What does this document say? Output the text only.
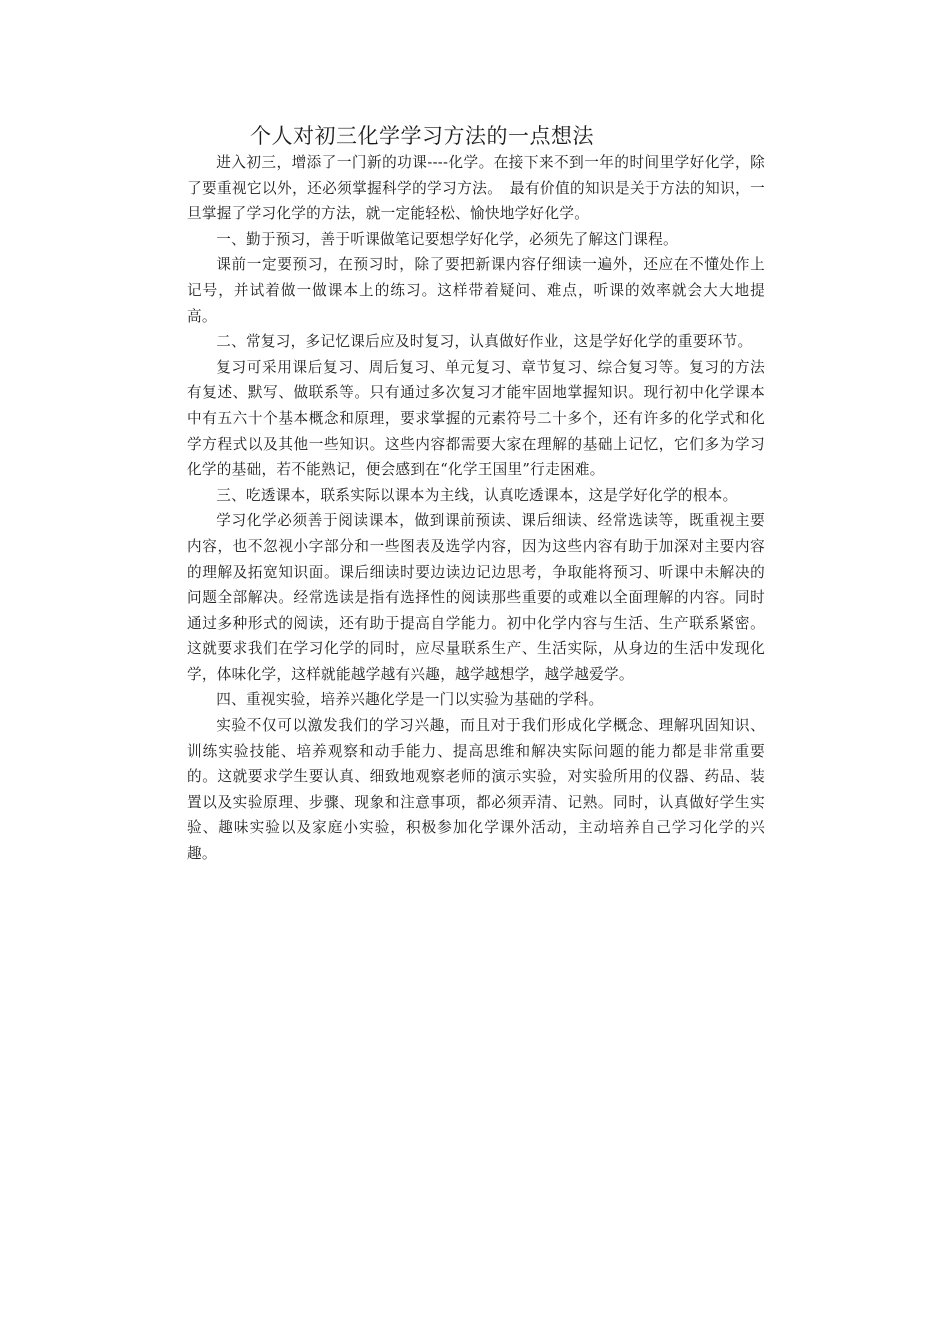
个人对初三化学学习方法的一点想法

进入初三，增添了一门新的功课----化学。在接下来不到一年的时间里学好化学，除了要重视它以外，还必须掌握科学的学习方法。　最有价值的知识是关于方法的知识，一旦掌握了学习化学的方法，就一定能轻松、愉快地学好化学。

一、勤于预习，善于听课做笔记要想学好化学，必须先了解这门课程。

课前一定要预习，在预习时，除了要把新课内容仔细读一遍外，还应在不懂处作上记号，并试着做一做课本上的练习。这样带着疑问、难点，听课的效率就会大大地提高。

二、常复习，多记忆课后应及时复习，认真做好作业，这是学好化学的重要环节。

复习可采用课后复习、周后复习、单元复习、章节复习、综合复习等。复习的方法有复述、默写、做联系等。只有通过多次复习才能牢固地掌握知识。现行初中化学课本中有五六十个基本概念和原理，要求掌握的元素符号二十多个，还有许多的化学式和化学方程式以及其他一些知识。这些内容都需要大家在理解的基础上记忆，它们多为学习化学的基础，若不能熟记，便会感到在“化学王国里”行走困难。

三、吃透课本，联系实际以课本为主线，认真吃透课本，这是学好化学的根本。

学习化学必须善于阅读课本，做到课前预读、课后细读、经常选读等，既重视主要内容，也不忽视小字部分和一些图表及选学内容，因为这些内容有助于加深对主要内容的理解及拓宽知识面。课后细读时要边读边记边思考，争取能将预习、听课中未解决的问题全部解决。经常选读是指有选择性的阅读那些重要的或难以全面理解的内容。同时通过多种形式的阅读，还有助于提高自学能力。初中化学内容与生活、生产联系紧密。这就要求我们在学习化学的同时，应尽量联系生产、生活实际，从身边的生活中发现化学，体味化学，这样就能越学越有兴趣，越学越想学，越学越爱学。

四、重视实验，培养兴趣化学是一门以实验为基础的学科。

实验不仅可以激发我们的学习兴趣，而且对于我们形成化学概念、理解巩固知识、训练实验技能、培养观察和动手能力、提高思维和解决实际问题的能力都是非常重要的。这就要求学生要认真、细致地观察老师的演示实验，对实验所用的仪器、药品、装置以及实验原理、步骤、现象和注意事项，都必须弄清、记熟。同时，认真做好学生实验、趣味实验以及家庭小实验，积极参加化学课外活动，主动培养自己学习化学的兴趣。
